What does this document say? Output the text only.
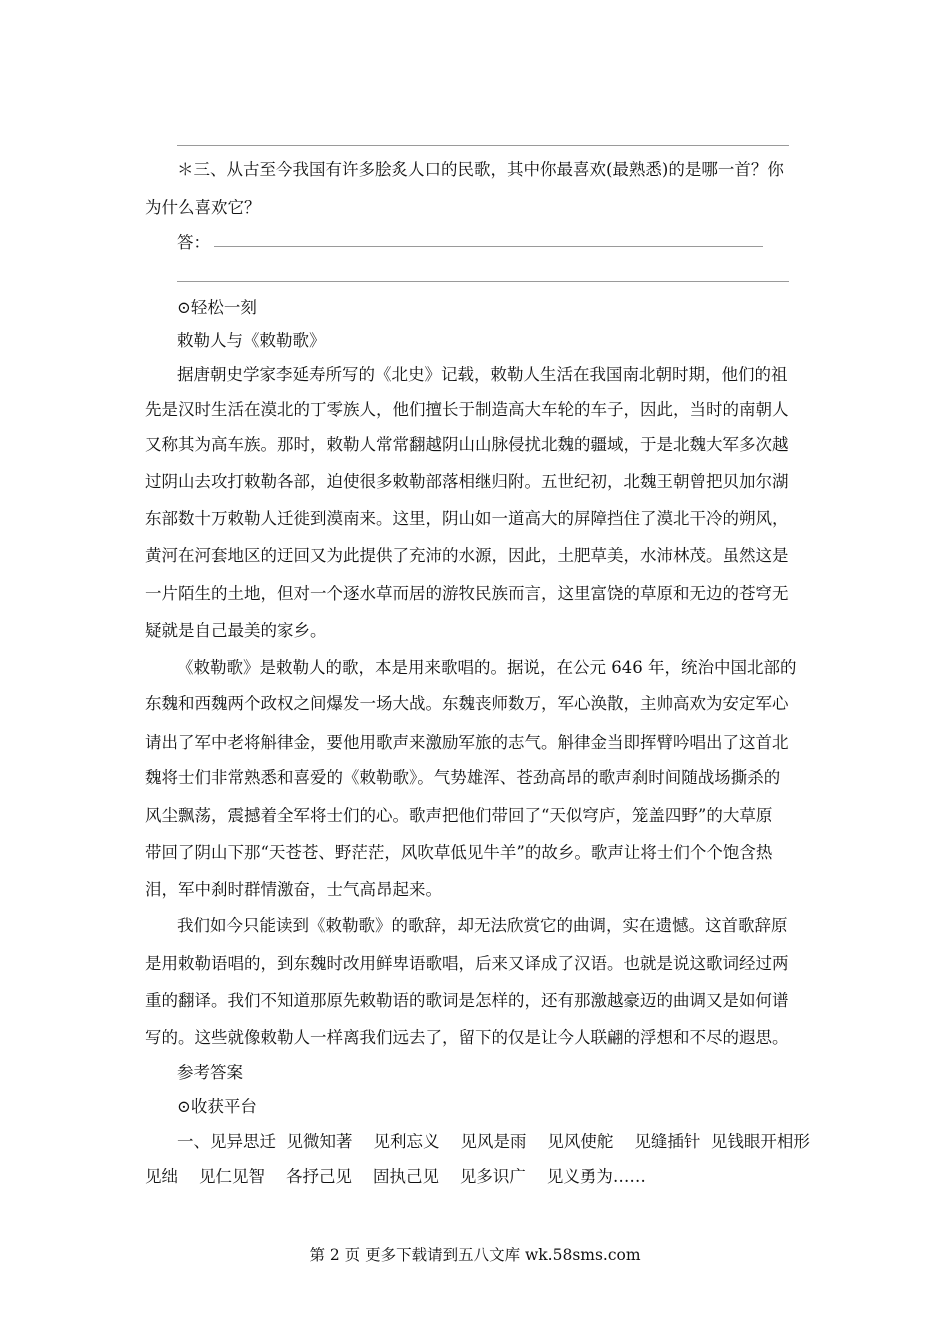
＊三、从古至今我国有许多脍炙人口的民歌，其中你最喜欢(最熟悉)的是哪一首？你
为什么喜欢它？
答：
⊙轻松一刻
敕勒人与《敕勒歌》
据唐朝史学家李延寿所写的《北史》记载，敕勒人生活在我国南北朝时期，他们的祖
先是汉时生活在漠北的丁零族人，他们擅长于制造高大车轮的车子，因此，当时的南朝人
又称其为高车族。那时，敕勒人常常翻越阴山山脉侵扰北魏的疆域，于是北魏大军多次越
过阴山去攻打敕勒各部，迫使很多敕勒部落相继归附。五世纪初，北魏王朝曾把贝加尔湖
东部数十万敕勒人迁徙到漠南来。这里，阴山如一道高大的屏障挡住了漠北干冷的朔风，
黄河在河套地区的迂回又为此提供了充沛的水源，因此，土肥草美，水沛林茂。虽然这是
一片陌生的土地，但对一个逐水草而居的游牧民族而言，这里富饶的草原和无边的苍穹无
疑就是自己最美的家乡。
《敕勒歌》是敕勒人的歌，本是用来歌唱的。据说，在公元 646 年，统治中国北部的
东魏和西魏两个政权之间爆发一场大战。东魏丧师数万，军心涣散，主帅高欢为安定军心
请出了军中老将斛律金，要他用歌声来激励军旅的志气。斛律金当即挥臂吟唱出了这首北
魏将士们非常熟悉和喜爱的《敕勒歌》。气势雄浑、苍劲高昂的歌声刹时间随战场撕杀的
风尘飘荡，震撼着全军将士们的心。歌声把他们带回了“天似穹庐，笼盖四野”的大草原
带回了阴山下那“天苍苍、野茫茫，风吹草低见牛羊”的故乡。歌声让将士们个个饱含热
泪，军中刹时群情激奋，士气高昂起来。
我们如今只能读到《敕勒歌》的歌辞，却无法欣赏它的曲调，实在遗憾。这首歌辞原
是用敕勒语唱的，到东魏时改用鲜卑语歌唱，后来又译成了汉语。也就是说这歌词经过两
重的翻译。我们不知道那原先敕勒语的歌词是怎样的，还有那激越豪迈的曲调又是如何谱
写的。这些就像敕勒人一样离我们远去了，留下的仅是让今人联翩的浮想和不尽的遐思。
参考答案
⊙收获平台
一、见异思迁  见微知著    见利忘义    见风是雨    见风使舵    见缝插针  见钱眼开相形
见绌    见仁见智    各抒己见    固执己见    见多识广    见义勇为……
第 2 页 更多下载请到五八文库 wk.58sms.com
